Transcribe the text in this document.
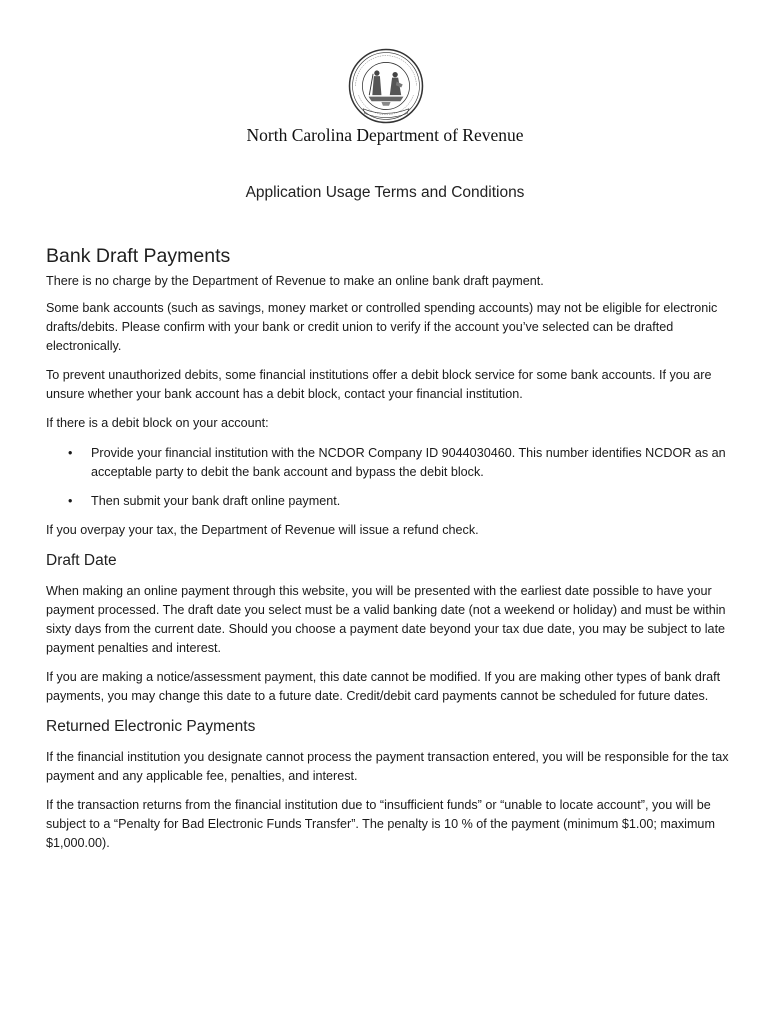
North Carolina Department of Revenue
Application Usage Terms and Conditions
Bank Draft Payments

There is no charge by the Department of Revenue to make an online bank draft payment.

Some bank accounts (such as savings, money market or controlled spending accounts) may not be eligible for electronic drafts/debits. Please confirm with your bank or credit union to verify if the account you’ve selected can be drafted electronically.

To prevent unauthorized debits, some financial institutions offer a debit block service for some bank accounts. If you are unsure whether your bank account has a debit block, contact your financial institution.

If there is a debit block on your account:

• Provide your financial institution with the NCDOR Company ID 9044030460. This number identifies NCDOR as an acceptable party to debit the bank account and bypass the debit block.
• Then submit your bank draft online payment.

If you overpay your tax, the Department of Revenue will issue a refund check.

Draft Date

When making an online payment through this website, you will be presented with the earliest date possible to have your payment processed. The draft date you select must be a valid banking date (not a weekend or holiday) and must be within sixty days from the current date. Should you choose a payment date beyond your tax due date, you may be subject to late payment penalties and interest.

If you are making a notice/assessment payment, this date cannot be modified. If you are making other types of bank draft payments, you may change this date to a future date. Credit/debit card payments cannot be scheduled for future dates.

Returned Electronic Payments

If the financial institution you designate cannot process the payment transaction entered, you will be responsible for the tax payment and any applicable fee, penalties, and interest.

If the transaction returns from the financial institution due to “insufficient funds” or “unable to locate account”, you will be subject to a “Penalty for Bad Electronic Funds Transfer”. The penalty is 10 % of the payment (minimum $1.00; maximum $1,000.00).
